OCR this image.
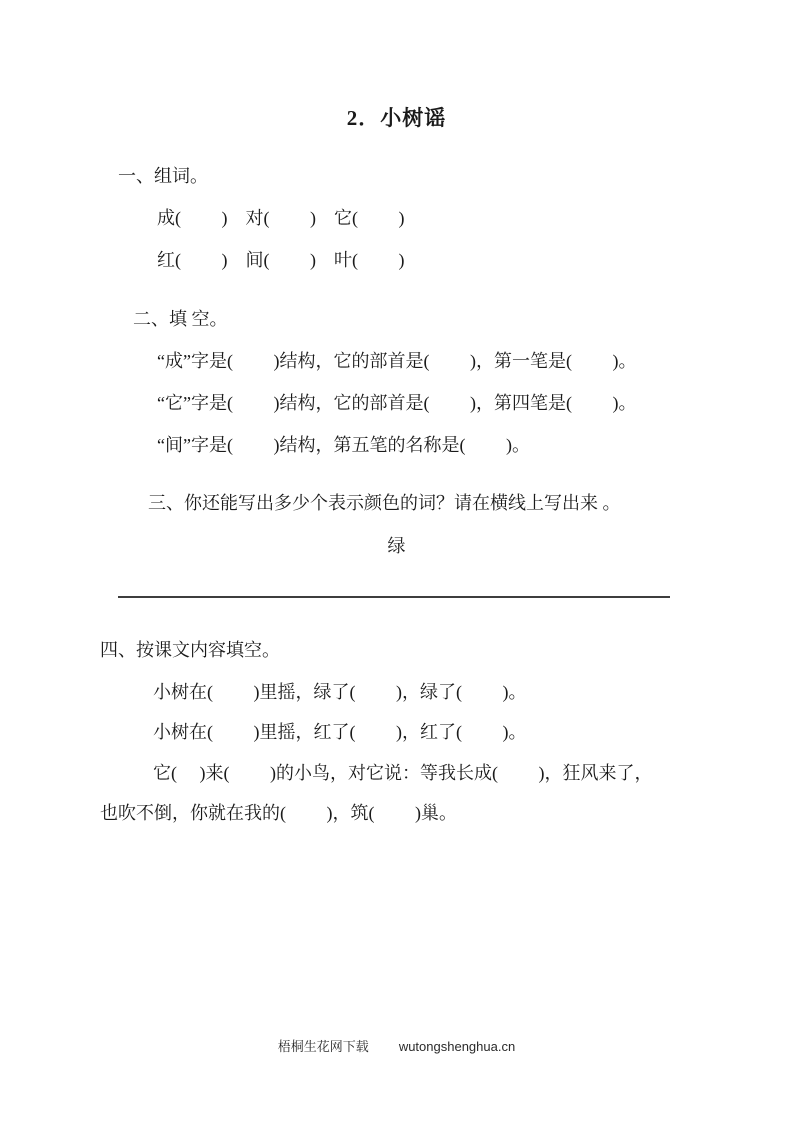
2．小树谣
一、组词。
成(　　 )　对(　　 )　它(　　 )
红(　　 )　间(　　 )　叶(　　 )
二、填 空。
“成”字是(　　 )结构，它的部首是(　　 )，第一笔是(　　 )。
“它”字是(　　 )结构，它的部首是(　　 )，第四笔是(　　 )。
“间”字是(　　 )结构，第五笔的名称是(　　 )。
三、你还能写出多少个表示颜色的词？请在横线上写出来 。
绿
四、按课文内容填空。
小树在(　　 )里摇，绿了(　　 )，绿了(　　 )。
小树在(　　 )里摇，红了(　　 )，红了(　　 )。
它(　 )来(　　 )的小鸟，对它说：等我长成(　　 )，狂风来了，
也吹不倒，你就在我的(　　 )，筑(　　 )巢。
梧桐生花网下载 wutongshenghua.cn
